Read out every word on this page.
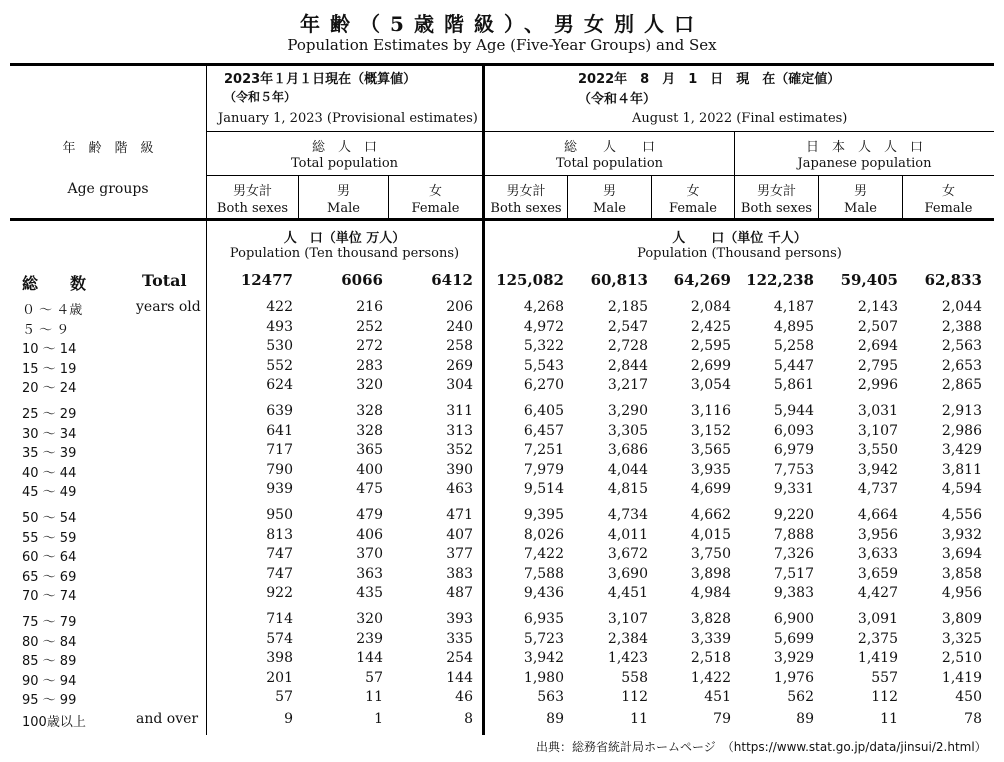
年齢（5歳階級）、男女別人口
Population Estimates by Age (Five-Year Groups) and Sex
年　齢　階　級
Age groups
2023年１月１日現在（概算値）
（令和５年）
January 1, 2023 (Provisional estimates)
総　人　口
Total population
2022年　8　月　1　日　現　在（確定値）
（令和４年）
August 1, 2022 (Final estimates)
総　　人　　口
Total population
日　本　人　人　口
Japanese population
男女計
Both sexes
男
Male
女
Female
男女計
Both sexes
男
Male
女
Female
男女計
Both sexes
男
Male
女
Female
人　口（単位 万人）
Population (Ten thousand persons)
人　　口（単位 千人）
Population (Thousand persons)
総　　数	Total	12477	6066	6412 125,082 60,813 64,269 122,238 59,405 62,833
０ ～ ４歳	years old	422	216	206	4,268	2,185	2,084	4,187	2,143	2,044
５ ～ ９	493	252	240	4,972	2,547	2,425	4,895	2,507	2,388
10 ～ 14	530	272	258	5,322	2,728	2,595	5,258	2,694	2,563
15 ～ 19	552	283	269	5,543	2,844	2,699	5,447	2,795	2,653
20 ～ 24	624	320	304	6,270	3,217	3,054	5,861	2,996	2,865
25 ～ 29	639	328	311	6,405	3,290	3,116	5,944	3,031	2,913
30 ～ 34	641	328	313	6,457	3,305	3,152	6,093	3,107	2,986
35 ～ 39	717	365	352	7,251	3,686	3,565	6,979	3,550	3,429
40 ～ 44	790	400	390	7,979	4,044	3,935	7,753	3,942	3,811
45 ～ 49	939	475	463	9,514	4,815	4,699	9,331	4,737	4,594
50 ～ 54	950	479	471	9,395	4,734	4,662	9,220	4,664	4,556
55 ～ 59	813	406	407	8,026	4,011	4,015	7,888	3,956	3,932
60 ～ 64	747	370	377	7,422	3,672	3,750	7,326	3,633	3,694
65 ～ 69	747	363	383	7,588	3,690	3,898	7,517	3,659	3,858
70 ～ 74	922	435	487	9,436	4,451	4,984	9,383	4,427	4,956
75 ～ 79	714	320	393	6,935	3,107	3,828	6,900	3,091	3,809
80 ～ 84	574	239	335	5,723	2,384	3,339	5,699	2,375	3,325
85 ～ 89	398	144	254	3,942	1,423	2,518	3,929	1,419	2,510
90 ～ 94	201	57	144	1,980	558	1,422	1,976	557	1,419
95 ～ 99	57	11	46	563	112	451	562	112	450
100歳以上	and over	9	1	8	89	11	79	89	11	78
出典：総務省統計局ホームページ　（https://www.stat.go.jp/data/jinsui/2.html）
